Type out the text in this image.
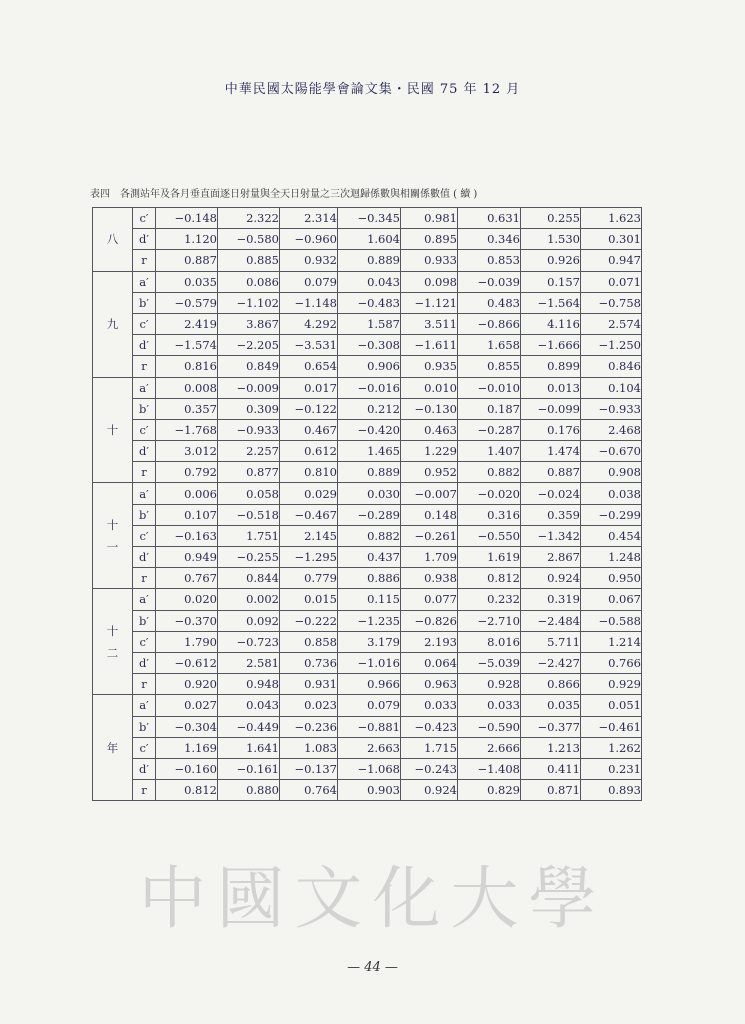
中華民國太陽能學會論文集・民國 75 年 12 月
表四 各測站年及各月垂直面逐日射量與全天日射量之三次迴歸係數與相關係數值 ( 續 )
八	c′	−0.148	2.322	2.314	−0.345	0.981	0.631	0.255	1.623
	d′	1.120	−0.580	−0.960	1.604	0.895	0.346	1.530	0.301
	r	0.887	0.885	0.932	0.889	0.933	0.853	0.926	0.947
九	a′	0.035	0.086	0.079	0.043	0.098	−0.039	0.157	0.071
	b′	−0.579	−1.102	−1.148	−0.483	−1.121	0.483	−1.564	−0.758
	c′	2.419	3.867	4.292	1.587	3.511	−0.866	4.116	2.574
	d′	−1.574	−2.205	−3.531	−0.308	−1.611	1.658	−1.666	−1.250
	r	0.816	0.849	0.654	0.906	0.935	0.855	0.899	0.846
十	a′	0.008	−0.009	0.017	−0.016	0.010	−0.010	0.013	0.104
	b′	0.357	0.309	−0.122	0.212	−0.130	0.187	−0.099	−0.933
	c′	−1.768	−0.933	0.467	−0.420	0.463	−0.287	0.176	2.468
	d′	3.012	2.257	0.612	1.465	1.229	1.407	1.474	−0.670
	r	0.792	0.877	0.810	0.889	0.952	0.882	0.887	0.908
十一	a′	0.006	0.058	0.029	0.030	−0.007	−0.020	−0.024	0.038
	b′	0.107	−0.518	−0.467	−0.289	0.148	0.316	0.359	−0.299
	c′	−0.163	1.751	2.145	0.882	−0.261	−0.550	−1.342	0.454
	d′	0.949	−0.255	−1.295	0.437	1.709	1.619	2.867	1.248
	r	0.767	0.844	0.779	0.886	0.938	0.812	0.924	0.950
十二	a′	0.020	0.002	0.015	0.115	0.077	0.232	0.319	0.067
	b′	−0.370	0.092	−0.222	−1.235	−0.826	−2.710	−2.484	−0.588
	c′	1.790	−0.723	0.858	3.179	2.193	8.016	5.711	1.214
	d′	−0.612	2.581	0.736	−1.016	0.064	−5.039	−2.427	0.766
	r	0.920	0.948	0.931	0.966	0.963	0.928	0.866	0.929
年	a′	0.027	0.043	0.023	0.079	0.033	0.033	0.035	0.051
	b′	−0.304	−0.449	−0.236	−0.881	−0.423	−0.590	−0.377	−0.461
	c′	1.169	1.641	1.083	2.663	1.715	2.666	1.213	1.262
	d′	−0.160	−0.161	−0.137	−1.068	−0.243	−1.408	0.411	0.231
	r	0.812	0.880	0.764	0.903	0.924	0.829	0.871	0.893
中國文化大學
— 44 —
